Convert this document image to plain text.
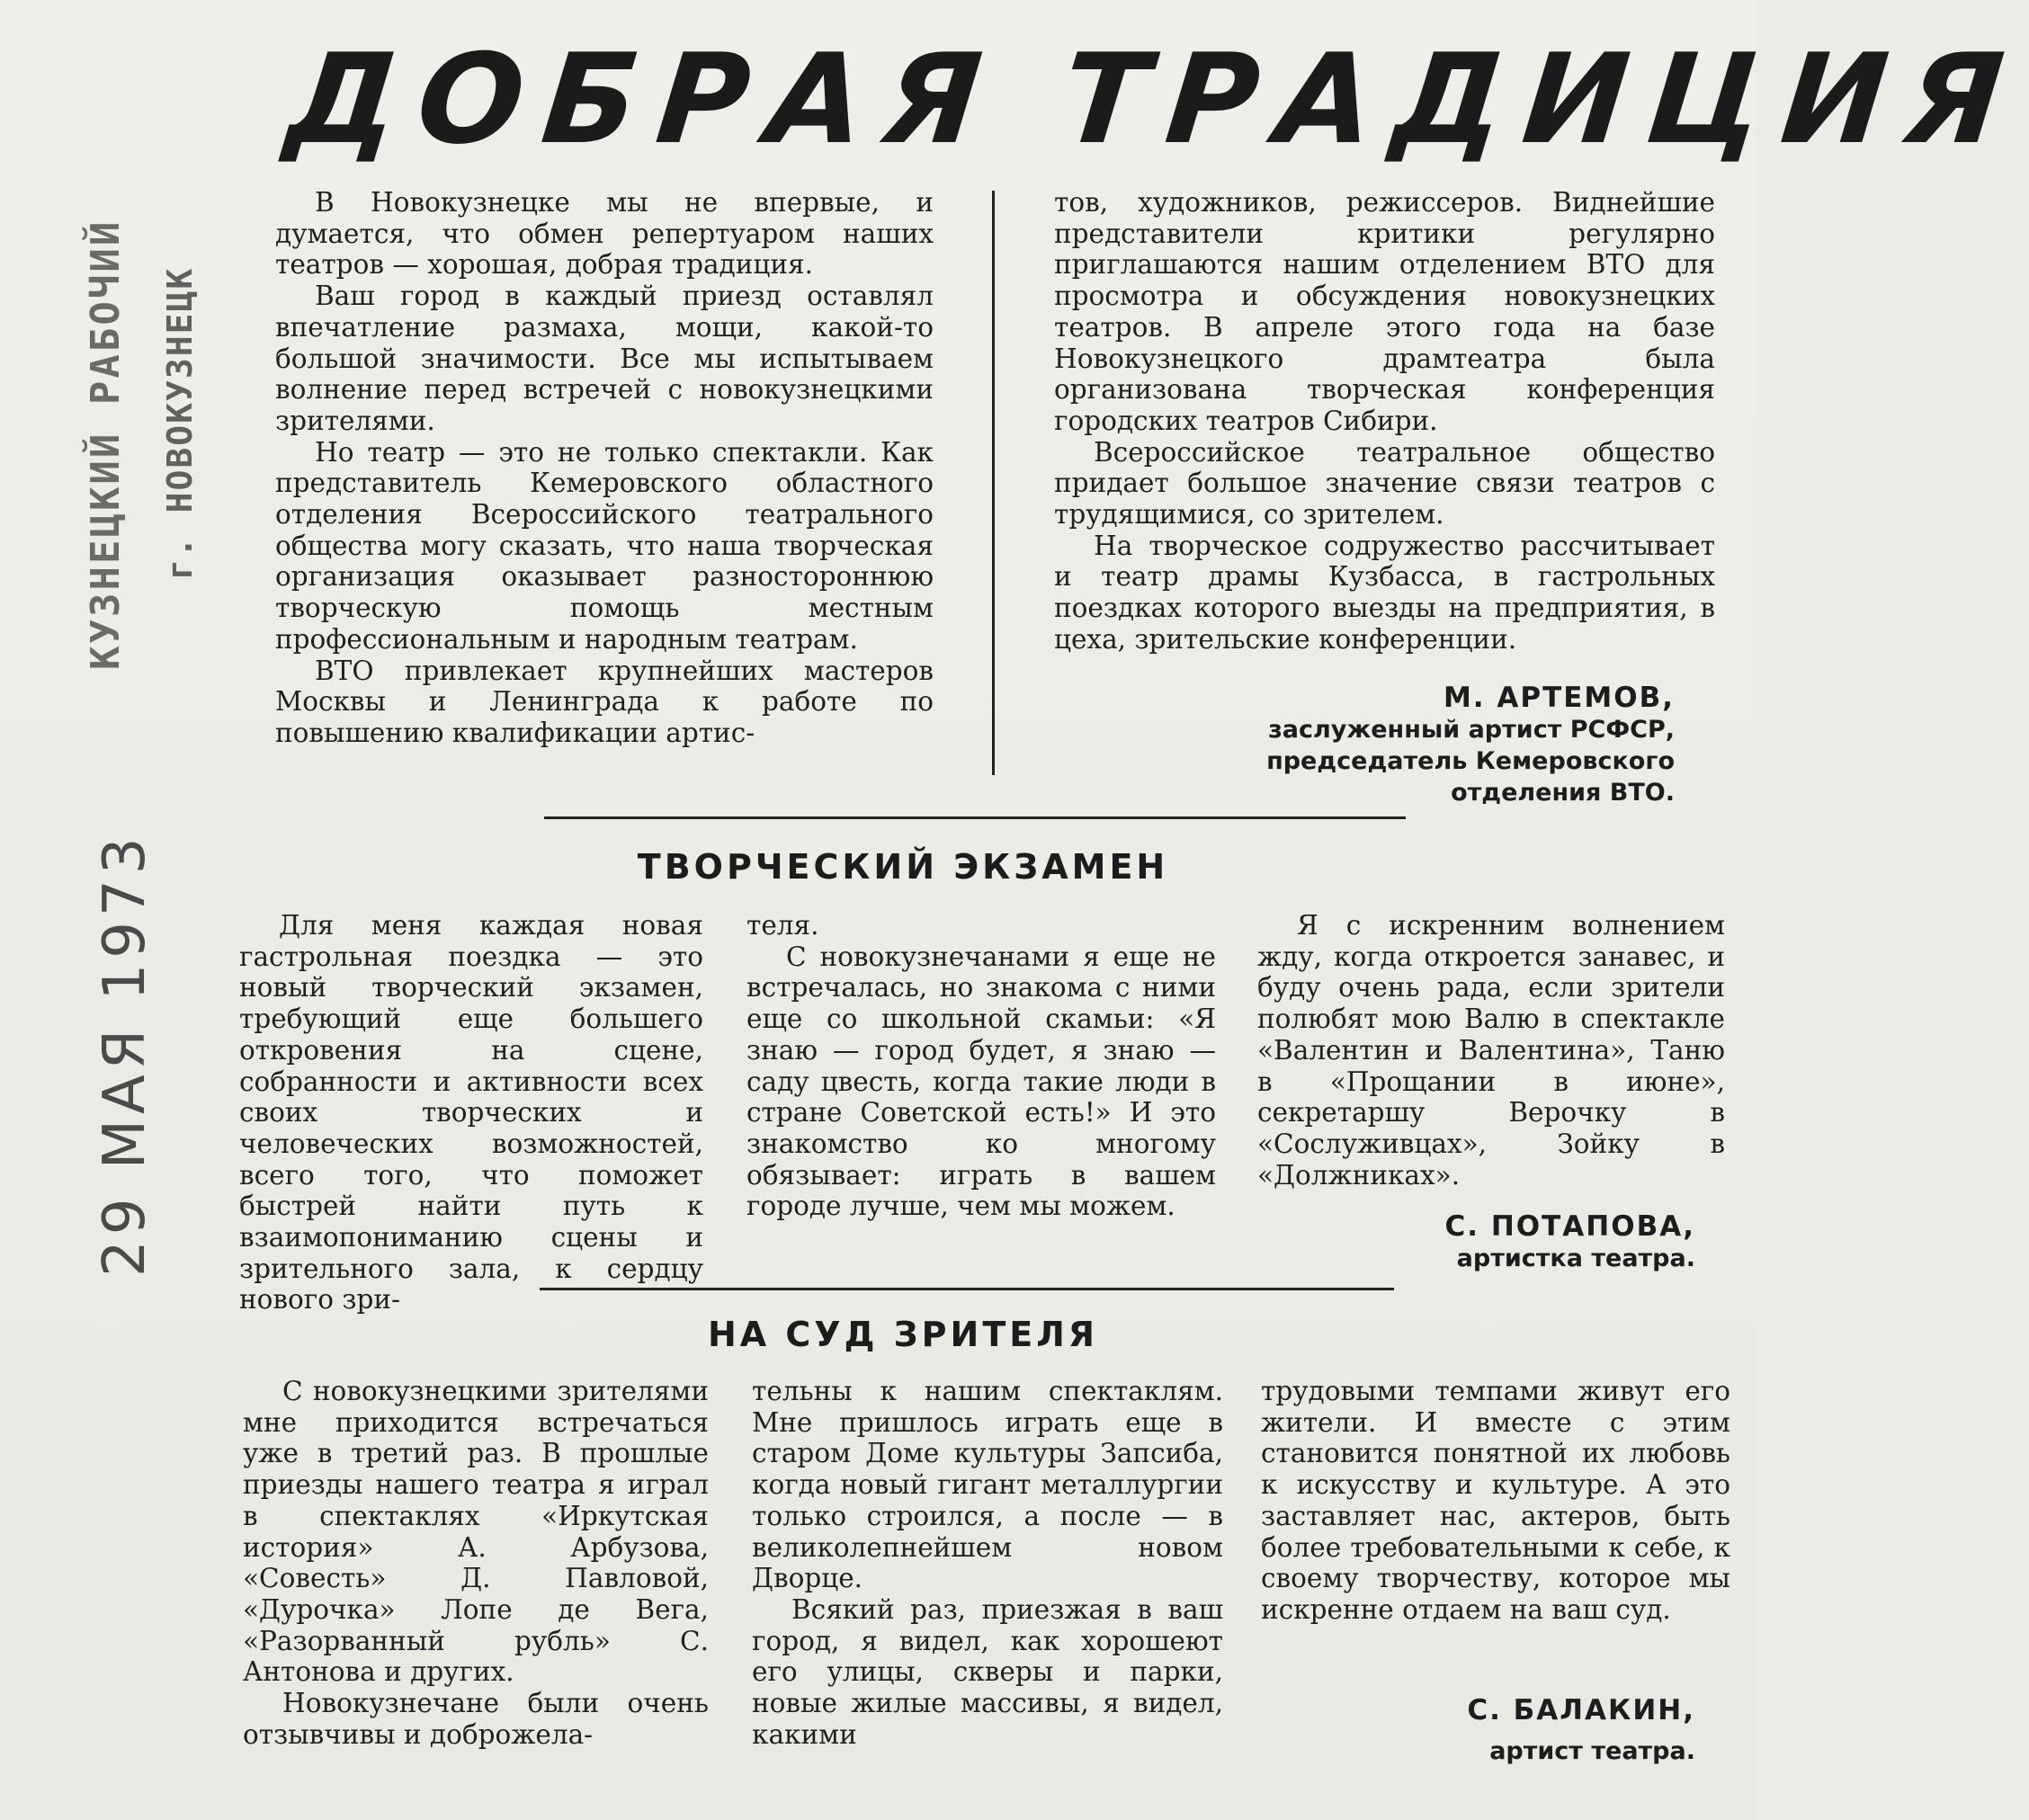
ДОБРАЯ ТРАДИЦИЯ
КУЗНЕЦКИЙ РАБОЧИЙ г. НОВОКУЗНЕЦК
29 МАЯ 1973

В Новокузнецке мы не впервые, и думается, что обмен репертуаром наших театров — хорошая, добрая традиция.

Ваш город в каждый приезд оставлял впечатление размаха, мощи, какой-то большой значимости. Все мы испытываем волнение перед встречей с новокузнецкими зрителями.

Но театр — это не только спектакли. Как представитель Кемеровского областного отделения Всероссийского театрального общества могу сказать, что наша творческая организация оказывает разностороннюю творческую помощь местным профессиональным и народным театрам.

ВТО привлекает крупнейших мастеров Москвы и Ленинграда к работе по повышению квалификации артис-

тов, художников, режиссеров. Виднейшие представители критики регулярно приглашаются нашим отделением ВТО для просмотра и обсуждения новокузнецких театров. В апреле этого года на базе Новокузнецкого драмтеатра была организована творческая конференция городских театров Сибири.

Всероссийское театральное общество придает большое значение связи театров с трудящимися, со зрителем.

На творческое содружество рассчитывает и театр драмы Кузбасса, в гастрольных поездках которого выезды на предприятия, в цеха, зрительские конференции.

М. АРТЕМОВ,
заслуженный артист РСФСР,
председатель Кемеровского
отделения ВТО.
ТВОРЧЕСКИЙ ЭКЗАМЕН

Для меня каждая новая гастрольная поездка — это новый творческий экзамен, требующий еще большего откровения на сцене, собранности и активности всех своих творческих и человеческих возможностей, всего того, что поможет быстрей найти путь к взаимопониманию сцены и зрительного зала, к сердцу нового зри-

теля.

С новокузнечанами я еще не встречалась, но знакома с ними еще со школьной скамьи: «Я знаю — город будет, я знаю — саду цвесть, когда такие люди в стране Советской есть!» И это знакомство ко многому обязывает: играть в вашем городе лучше, чем мы можем.

Я с искренним волнением жду, когда откроется занавес, и буду очень рада, если зрители полюбят мою Валю в спектакле «Валентин и Валентина», Таню в «Прощании в июне», секретаршу Верочку в «Сослуживцах», Зойку в «Должниках».

С. ПОТАПОВА,
артистка театра.
НА СУД ЗРИТЕЛЯ

С новокузнецкими зрителями мне приходится встречаться уже в третий раз. В прошлые приезды нашего театра я играл в спектаклях «Иркутская история» А. Арбузова, «Совесть» Д. Павловой, «Дурочка» Лопе де Вега, «Разорванный рубль» С. Антонова и других.

Новокузнечане были очень отзывчивы и доброжела-

тельны к нашим спектаклям. Мне пришлось играть еще в старом Доме культуры Запсиба, когда новый гигант металлургии только строился, а после — в великолепнейшем новом Дворце.

Всякий раз, приезжая в ваш город, я видел, как хорошеют его улицы, скверы и парки, новые жилые массивы, я видел, какими

трудовыми темпами живут его жители. И вместе с этим становится понятной их любовь к искусству и культуре. А это заставляет нас, актеров, быть более требовательными к себе, к своему творчеству, которое мы искренне отдаем на ваш суд.

С. БАЛАКИН,
артист театра.
